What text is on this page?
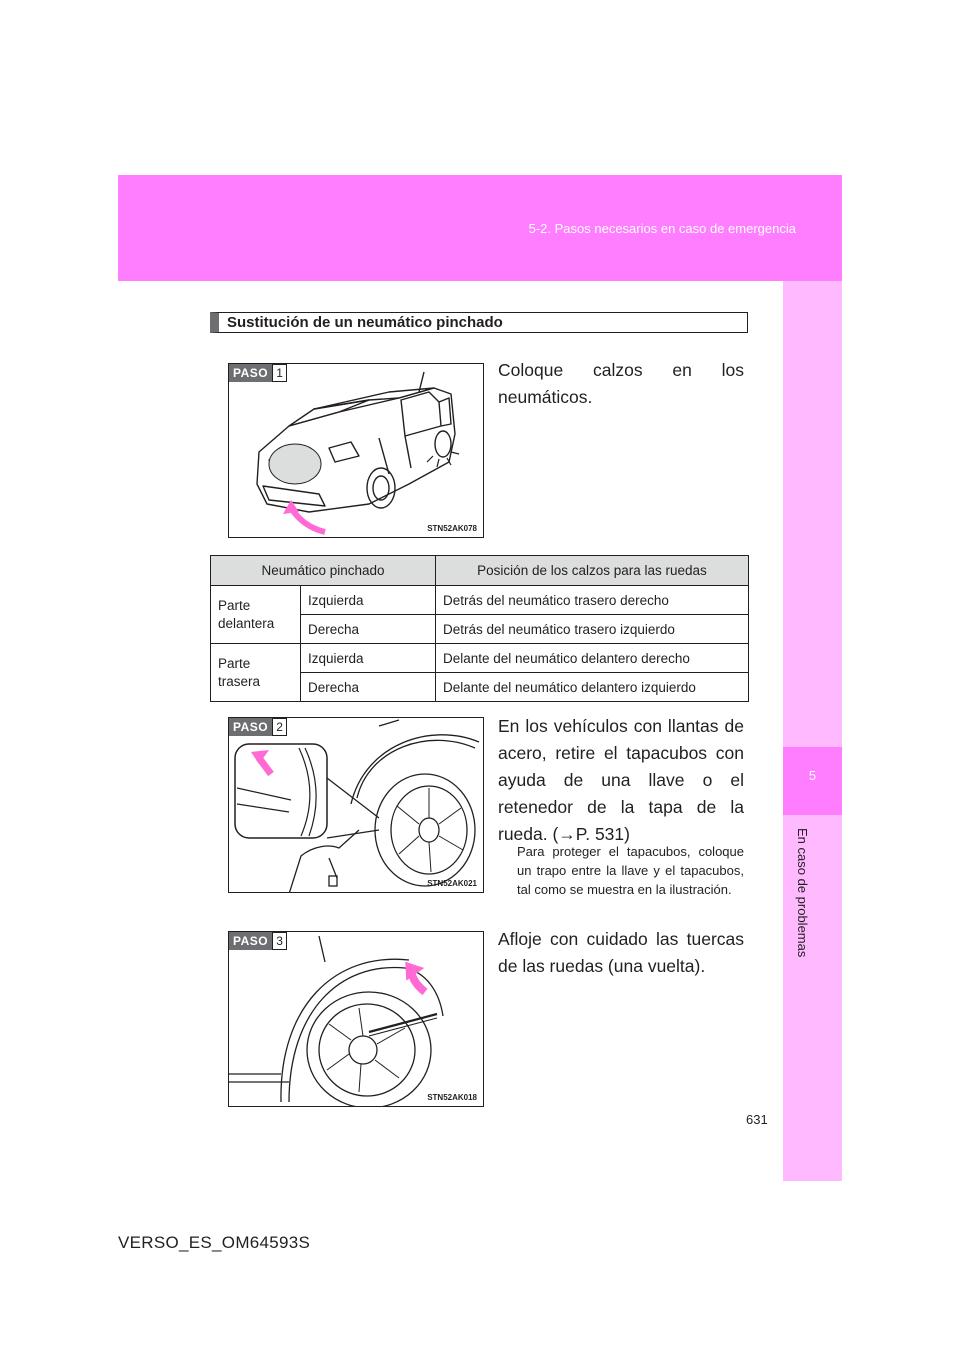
5-2. Pasos necesarios en caso de emergencia
5
En caso de problemas
Sustitución de un neumático pinchado
PASO 1
STN52AK078
Coloque calzos en los neumáticos.
Neumático pinchado		Posición de los calzos para las ruedas
Parte delantera	Izquierda	Detrás del neumático trasero derecho
	Derecha	Detrás del neumático trasero izquierdo
Parte trasera	Izquierda	Delante del neumático delantero derecho
	Derecha	Delante del neumático delantero izquierdo
PASO 2
STN52AK021
En los vehículos con llantas de acero, retire el tapacubos con ayuda de una llave o el retenedor de la tapa de la rueda. (→P. 531)
Para proteger el tapacubos, coloque un trapo entre la llave y el tapacubos, tal como se muestra en la ilustración.
PASO 3
STN52AK018
Afloje con cuidado las tuercas de las ruedas (una vuelta).
631
VERSO_ES_OM64593S
